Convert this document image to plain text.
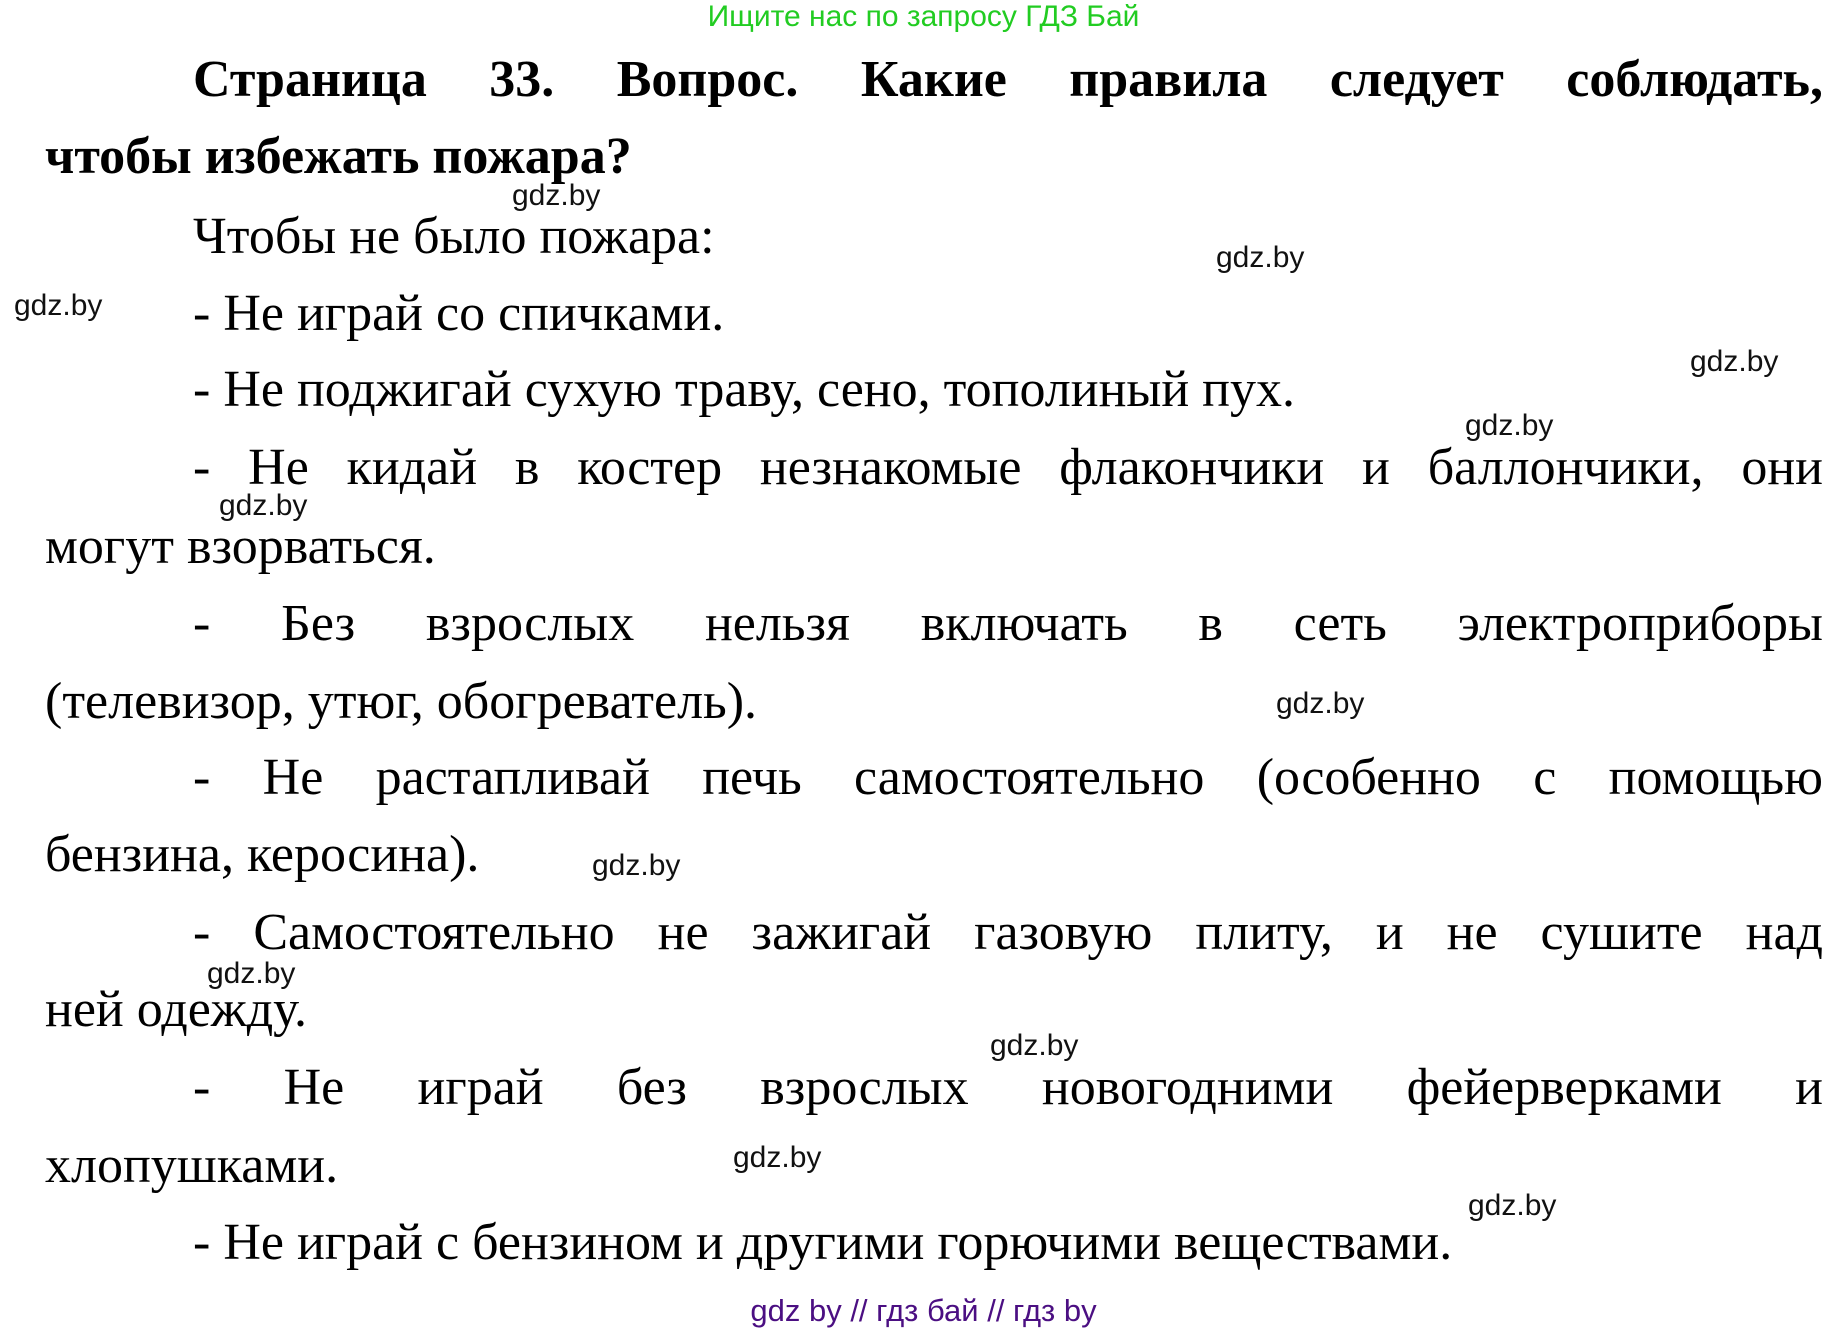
Ищите нас по запросу ГДЗ Бай
Страница 33. Вопрос. Какие правила следует соблюдать,
чтобы избежать пожара?
Чтобы не было пожара:
- Не играй со спичками.
- Не поджигай сухую траву, сено, тополиный пух.
- Не кидай в костер незнакомые флакончики и баллончики, они
могут взорваться.
- Без взрослых нельзя включать в сеть электроприборы
(телевизор, утюг, обогреватель).
- Не растапливай печь самостоятельно (особенно с помощью
бензина, керосина).
- Самостоятельно не зажигай газовую плиту, и не сушите над
ней одежду.
- Не играй без взрослых новогодними фейерверками и
хлопушками.
- Не играй с бензином и другими горючими веществами.
gdz.by
gdz.by
gdz.by
gdz.by
gdz.by
gdz.by
gdz.by
gdz.by
gdz.by
gdz.by
gdz.by
gdz.by
gdz by // гдз бай // гдз by
